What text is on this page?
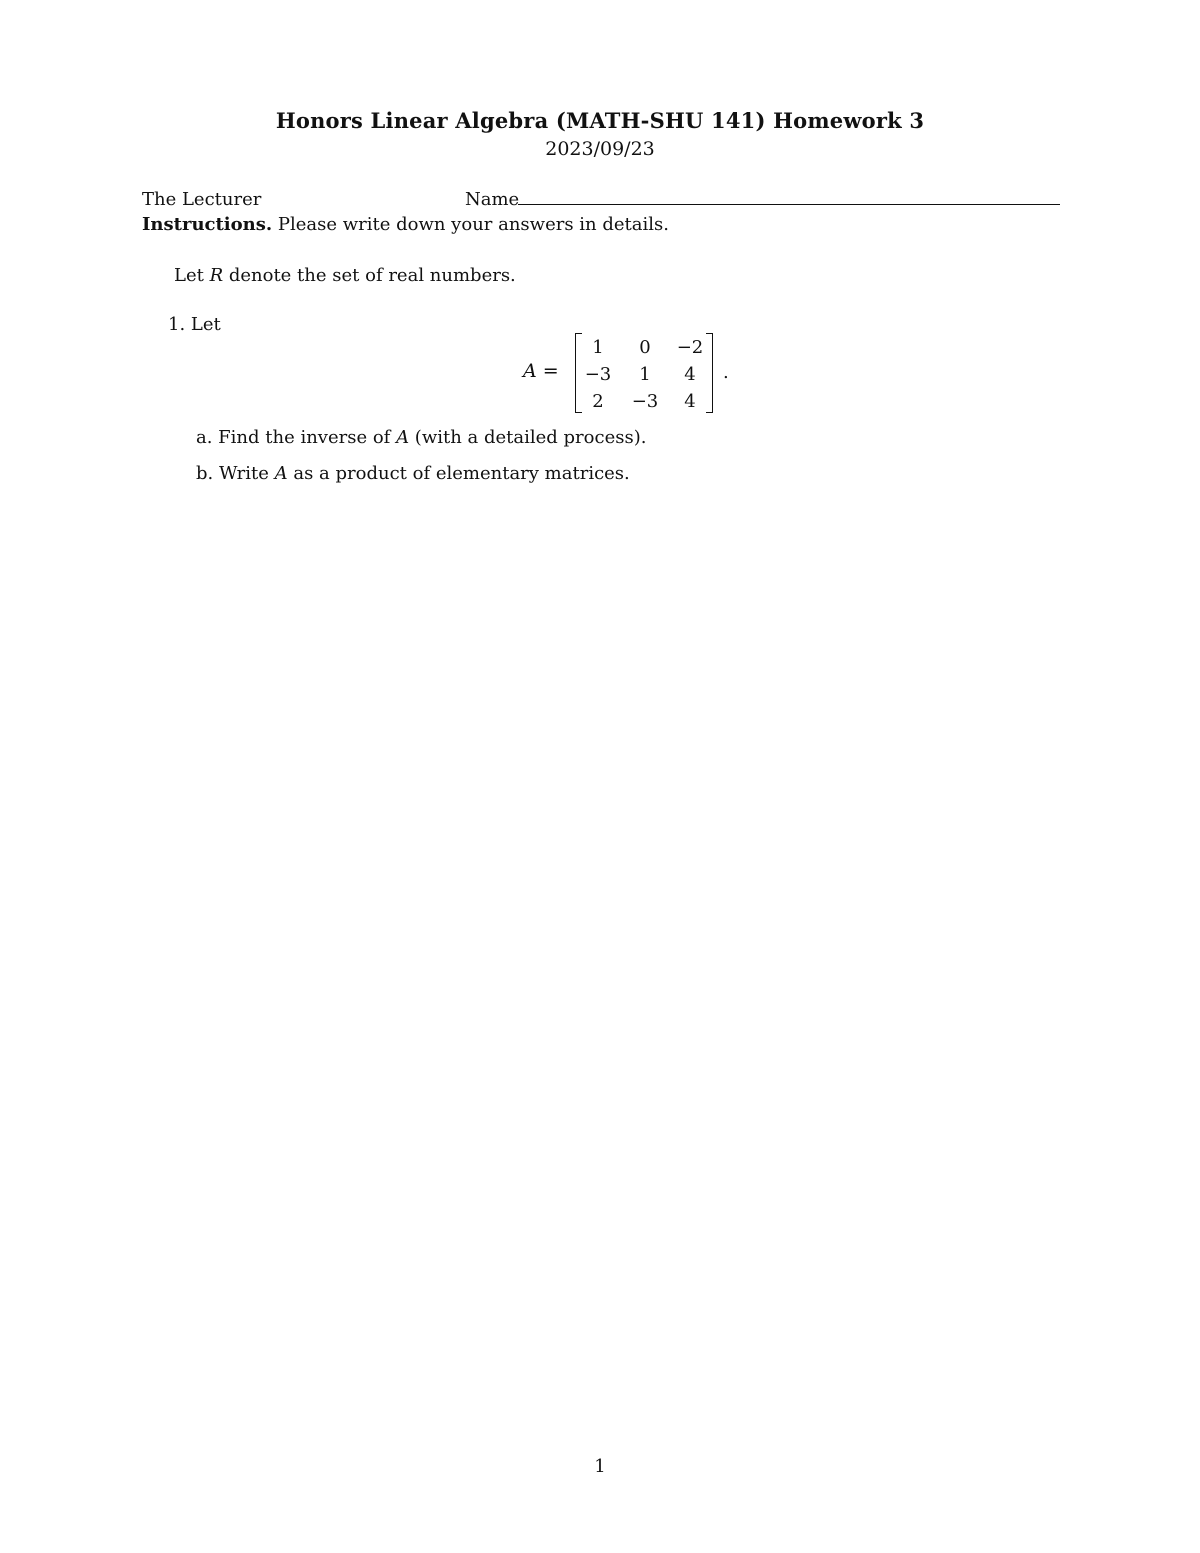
Honors Linear Algebra (MATH-SHU 141) Homework 3
2023/09/23
The Lecturer	Name
Instructions. Please write down your answers in details.
Let R denote the set of real numbers.
1. Let
A =
1	0	−2
−3	1	4
2	−3	4
.
a. Find the inverse of A (with a detailed process).
b. Write A as a product of elementary matrices.
1
